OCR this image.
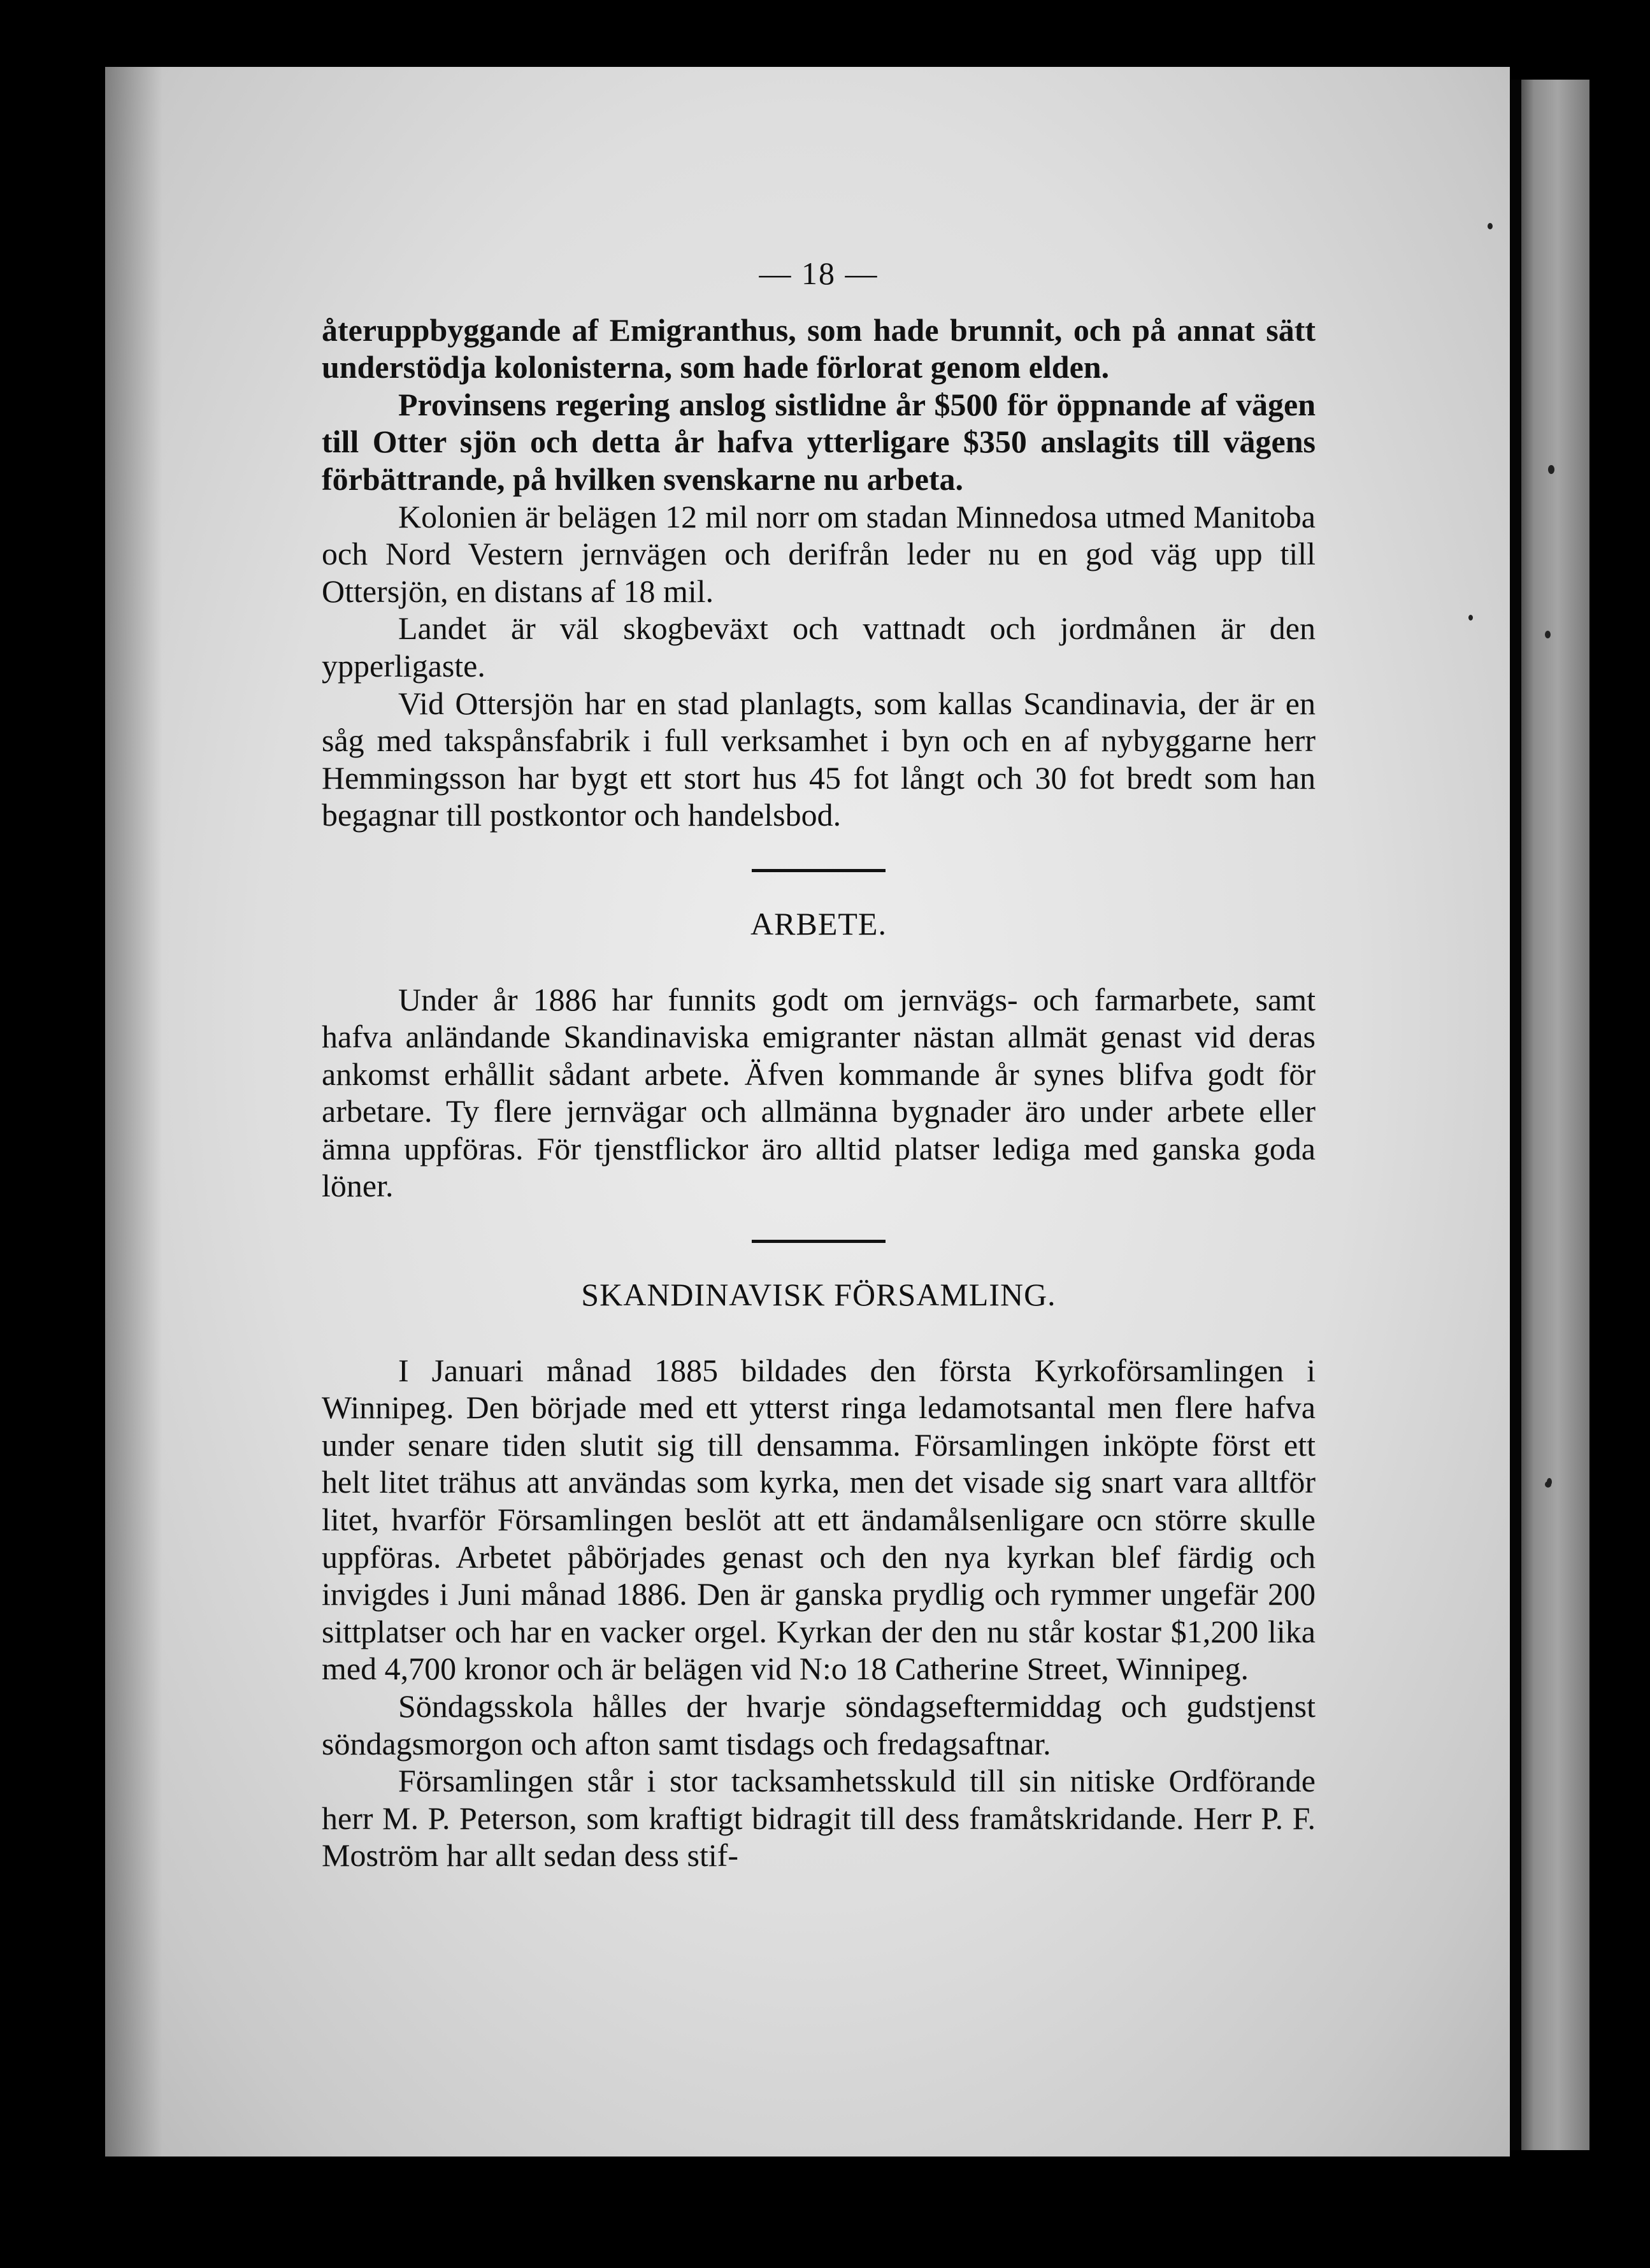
— 18 —

återuppbyggande af Emigranthus, som hade brunnit, och på annat sätt understödja kolonisterna, som hade förlorat genom elden.

Provinsens regering anslog sistlidne år $500 för öppnande af vägen till Otter sjön och detta år hafva ytterligare $350 anslagits till vägens förbättrande, på hvilken svenskarne nu arbeta.

Kolonien är belägen 12 mil norr om stadan Minnedosa utmed Manitoba och Nord Vestern jernvägen och derifrån leder nu en god väg upp till Ottersjön, en distans af 18 mil.

Landet är väl skogbeväxt och vattnadt och jordmånen är den ypperligaste.

Vid Ottersjön har en stad planlagts, som kallas Scandinavia, der är en såg med takspånsfabrik i full verksamhet i byn och en af nybyggarne herr Hemmingsson har bygt ett stort hus 45 fot långt och 30 fot bredt som han begagnar till postkontor och handelsbod.

ARBETE.

Under år 1886 har funnits godt om jernvägs- och farmarbete, samt hafva anländande Skandinaviska emigranter nästan allmät genast vid deras ankomst erhållit sådant arbete. Äfven kommande år synes blifva godt för arbetare. Ty flere jernvägar och allmänna bygnader äro under arbete eller ämna uppföras. För tjenstflickor äro alltid platser lediga med ganska goda löner.

SKANDINAVISK FÖRSAMLING.

I Januari månad 1885 bildades den första Kyrkoförsamlingen i Winnipeg. Den började med ett ytterst ringa ledamotsantal men flere hafva under senare tiden slutit sig till densamma. Församlingen inköpte först ett helt litet trähus att användas som kyrka, men det visade sig snart vara alltför litet, hvarför Församlingen beslöt att ett ändamålsenligare ocn större skulle uppföras. Arbetet påbörjades genast och den nya kyrkan blef färdig och invigdes i Juni månad 1886. Den är ganska prydlig och rymmer ungefär 200 sittplatser och har en vacker orgel. Kyrkan der den nu står kostar $1,200 lika med 4,700 kronor och är belägen vid N:o 18 Catherine Street, Winnipeg.

Söndagsskola hålles der hvarje söndagseftermiddag och gudstjenst söndagsmorgon och afton samt tisdags och fredagsaftnar.

Församlingen står i stor tacksamhetsskuld till sin nitiske Ordförande herr M. P. Peterson, som kraftigt bidragit till dess framåtskridande. Herr P. F. Moström har allt sedan dess stif-
